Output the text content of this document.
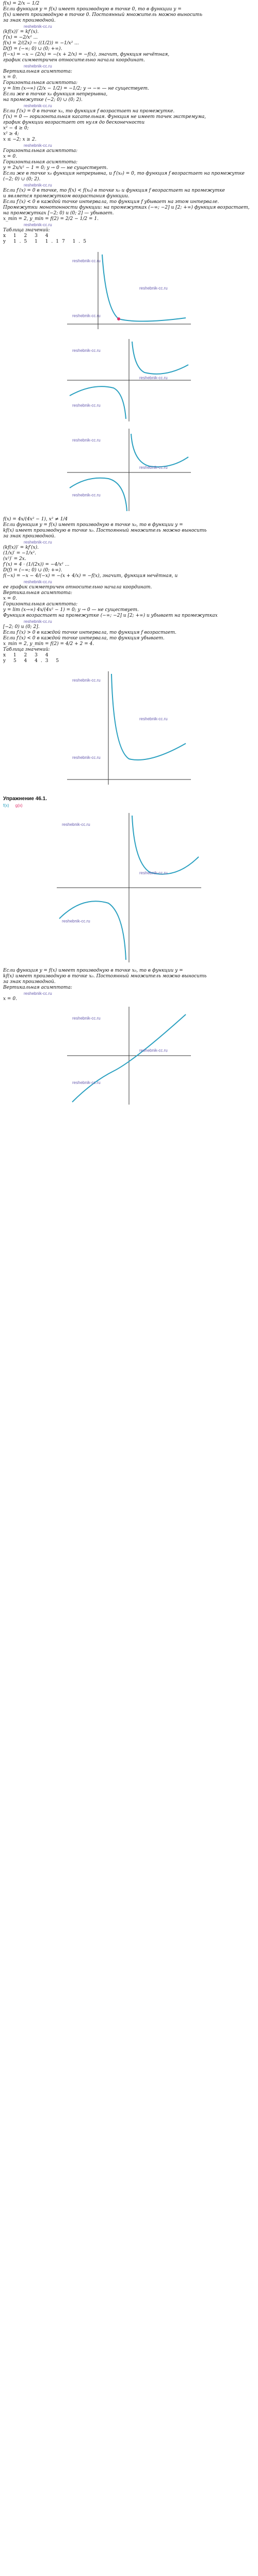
f(x) = 2/x − 1/2
Если функция y = f(x) имеет производную в точке 0, то в функции y =
f(x) имеет производную в точке 0. Постоянный множитель можно выносить
за знак производной.
reshebnik-cc.ru
(kf(x))′ = kf′(x).
f′(x) = −2/x² ...
f(x) = 2/(2x) − ((1/2)) = −1/x² ...
D(f) = (−∞; 0) ∪ (0; +∞).
f(−x) = −x − (2/x) = −(x + 2/x) = −f(x), значит, функция нечётная,
график симметричен относительно начала координат.
reshebnik-cc.ru
Вертикальная асимптота:
x = 0.
Горизонтальная асимптота:
y = lim (x→∞) (2/x − 1/2) = −1/2; y → −∞ — не существует.
Если же в точке x₀ функция непрерывна,
на промежутке (−2; 0) ∪ (0; 2).
reshebnik-cc.ru
Если f′(x) = 0 в точке x₀, то функция f возрастает на промежутке.
f′(x) = 0 — горизонтальная касательная. Функция не имеет точек экстремума,
график функции возрастает от нуля до бесконечности
x² − 4 ≥ 0;
x² ≥ 4;
x ≤ −2; x ≥ 2.
reshebnik-cc.ru
Горизонтальная асимптота:
x = 0.
Горизонтальная асимптота:
y = 2x/x² − 1 = 0; y → 0 — не существует.
Если же в точке x₀ функция непрерывна, и f′(x₀) = 0, то функция f возрастает на промежутке
(−2; 0) ∪ (0; 2).
reshebnik-cc.ru
Если f′(x) = 0 в точке, то f(x) < f(x₀) в точке x₀ и функция f возрастает на промежутке
и является промежутком возрастания функции.
Если f′(x) < 0 в каждой точке интервала, то функция f убывает на этом интервале.
Промежутки монотонности функции: на промежутках (−∞; −2] и [2; +∞) функция возрастает,
на промежутках [−2; 0) и (0; 2] — убывает.
x_min = 2, y_min = f(2) = 2/2 − 1/2 = 1.
reshebnik-cc.ru
Таблица значений:
x 1 2 3 4
y 1.5 1 1.17 1.5
reshebnik-cc.ru
reshebnik-cc.ru
reshebnik-cc.ru
reshebnik-cc.ru
reshebnik-cc.ru
reshebnik-cc.ru
reshebnik-cc.ru
reshebnik-cc.ru
reshebnik-cc.ru
f(x) = 4x/(4x² − 1), x² ≠ 1/4
Если функция y = f(x) имеет производную в точке x₀, то в функции y =
kf(x) имеет производную в точке x₀. Постоянный множитель можно выносить
за знак производной.
reshebnik-cc.ru
(kf(x))′ = kf′(x).
(1/x)′ = −1/x².
(x²)′ = 2x.
f′(x) = 4 · (1/(2x)) = −4/x² ...
D(f) = (−∞; 0) ∪ (0; +∞).
f(−x) = −x − 4/(−x) = −(x + 4/x) = −f(x), значит, функция нечётная, и
reshebnik-cc.ru
ее график симметричен относительно начала координат.
Вертикальная асимптота:
x = 0.
Горизонтальная асимптота:
y = lim (x→∞) 4x/(4x² − 1) = 0; y → 0 — не существует.
Функция возрастает на промежутке (−∞; −2] и [2; +∞) и убывает на промежутках
reshebnik-cc.ru
[−2; 0) и (0; 2].
Если f′(x) > 0 в каждой точке интервала, то функция f возрастает.
Если f′(x) < 0 в каждой точке интервала, то функция убывает.
x_min = 2, y_min = f(2) = 4/2 + 2 = 4.
Таблица значений:
x 1 2 3 4
y 5 4 4.3 5
reshebnik-cc.ru
reshebnik-cc.ru
reshebnik-cc.ru
Упражнение 46.1.
f(x) g(x)
reshebnik-cc.ru
reshebnik-cc.ru
reshebnik-cc.ru
Если функция y = f(x) имеет производную в точке x₀, то в функции y =
kf(x) имеет производную в точке x₀. Постоянный множитель можно выносить
за знак производной.
Вертикальная асимптота:
reshebnik-cc.ru
x = 0.
reshebnik-cc.ru
reshebnik-cc.ru
reshebnik-cc.ru
